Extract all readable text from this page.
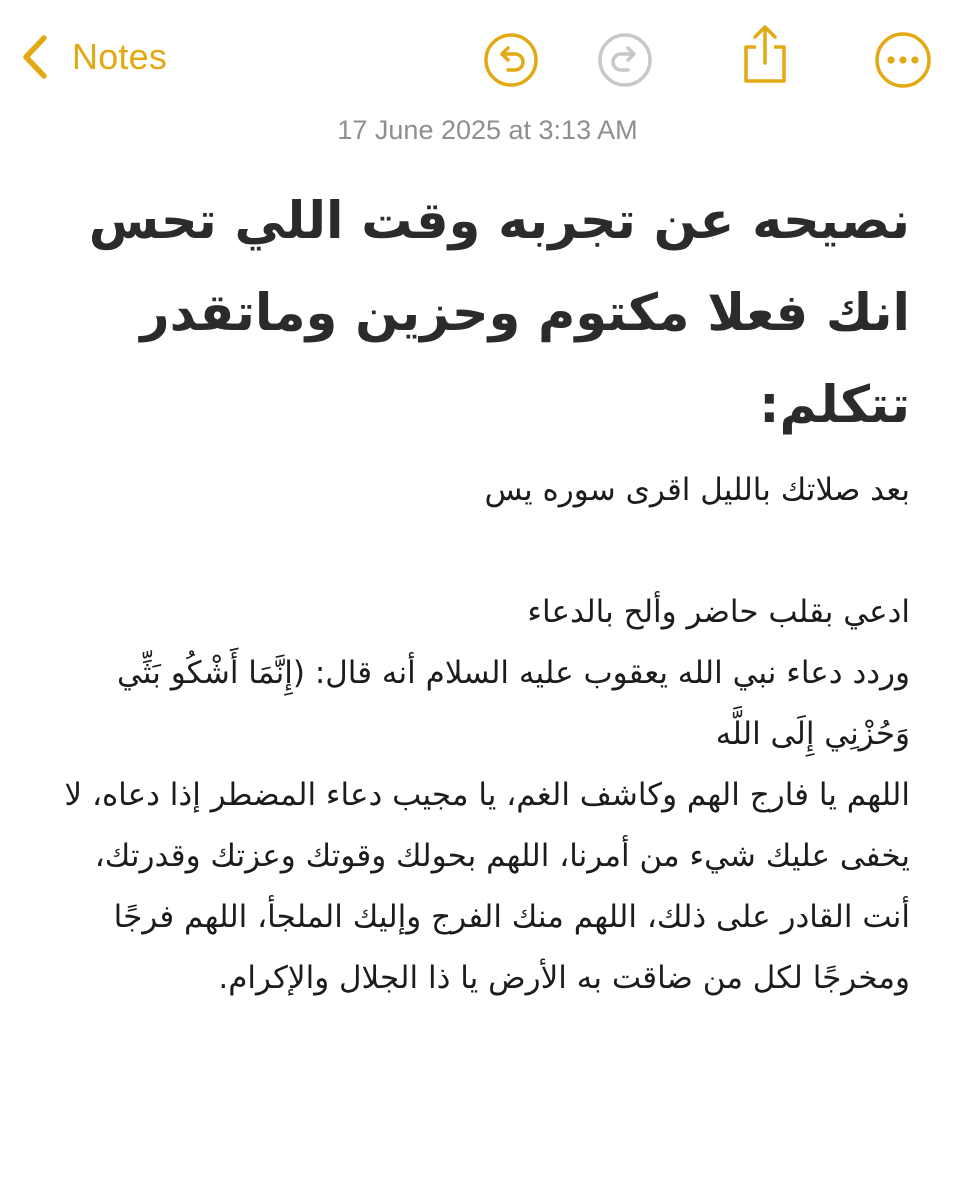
Notes
17 June 2025 at 3:13 AM
نصيحه عن تجربه وقت اللي تحس انك فعلا مكتوم وحزين وماتقدر تتكلم:
بعد صلاتك بالليل اقرى سوره يس
ادعي بقلب حاضر وألح بالدعاء
وردد دعاء نبي الله يعقوب عليه السلام أنه قال: (إِنَّمَا أَشْكُو بَثِّي وَحُزْنِي إِلَى اللَّه
اللهم يا فارج الهم وكاشف الغم، يا مجيب دعاء المضطر إذا دعاه، لا يخفى عليك شيء من أمرنا، اللهم بحولك وقوتك وعزتك وقدرتك، أنت القادر على ذلك، اللهم منك الفرج وإليك الملجأ، اللهم فرجًا ومخرجًا لكل من ضاقت به الأرض يا ذا الجلال والإكرام.
